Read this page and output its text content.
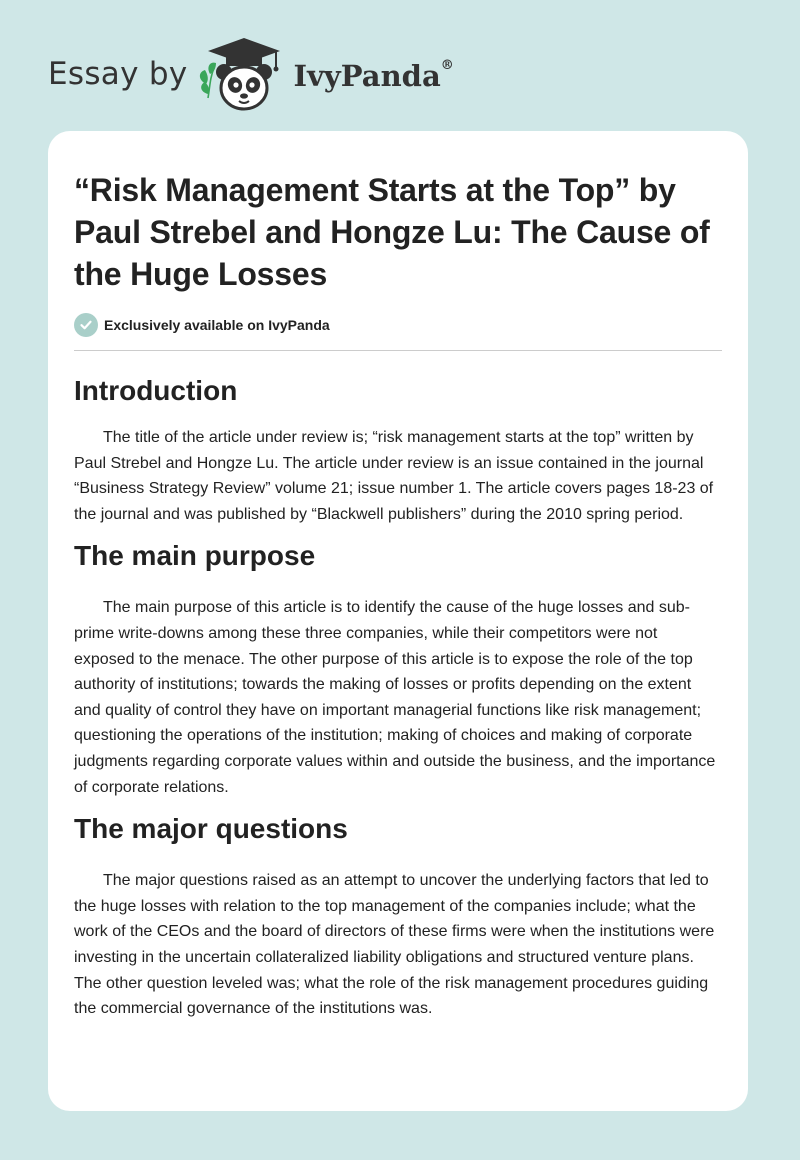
Essay by	IvyPanda®
“Risk Management Starts at the Top” by Paul Strebel and Hongze Lu: The Cause of the Huge Losses
Exclusively available on IvyPanda
Introduction

The title of the article under review is; “risk management starts at the top” written by Paul Strebel and Hongze Lu. The article under review is an issue contained in the journal “Business Strategy Review” volume 21; issue number 1. The article covers pages 18-23 of the journal and was published by “Blackwell publishers” during the 2010 spring period.

The main purpose

The main purpose of this article is to identify the cause of the huge losses and sub-prime write-downs among these three companies, while their competitors were not exposed to the menace. The other purpose of this article is to expose the role of the top authority of institutions; towards the making of losses or profits depending on the extent and quality of control they have on important managerial functions like risk management; questioning the operations of the institution; making of choices and making of corporate judgments regarding corporate values within and outside the business, and the importance of corporate relations.

The major questions

The major questions raised as an attempt to uncover the underlying factors that led to the huge losses with relation to the top management of the companies include; what the work of the CEOs and the board of directors of these firms were when the institutions were investing in the uncertain collateralized liability obligations and structured venture plans. The other question leveled was; what the role of the risk management procedures guiding the commercial governance of the institutions was.
